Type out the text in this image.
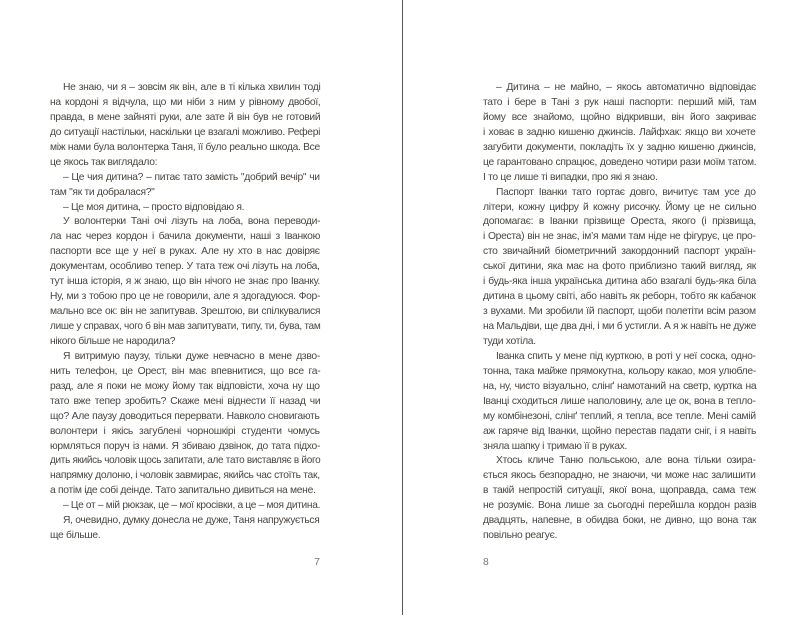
Не знаю, чи я – зовсім як він, але в ті кілька хвилин тоді
на кордоні я відчула, що ми ніби з ним у рівному двобої,
правда, в мене зайняті руки, але зате й він був не готовий
до ситуації настільки, наскільки це взагалі можливо. Рефері
між нами була волонтерка Таня, її було реально шкода. Все
це якось так виглядало:
– Це чия дитина? – питає тато замість "добрий вечір" чи
там "як ти добралася?"
– Це моя дитина, – просто відповідаю я.
У волонтерки Тані очі лізуть на лоба, вона переводи-
ла нас через кордон і бачила документи, наші з Іванкою
паспорти все ще у неї в руках. Але ну хто в нас довіряє
документам, особливо тепер. У тата теж очі лізуть на лоба,
тут інша історія, я ж знаю, що він нічого не знає про Іванку.
Ну, ми з тобою про це не говорили, але я здогадуюся. Фор-
мально все ок: він не запитував. Зрештою, ви спілкувалися
лише у справах, чого б він мав запитувати, типу, ти, бува, там
нікого більше не народила?
Я витримую паузу, тільки дуже невчасно в мене дзво-
нить телефон, це Орест, він має впевнитися, що все га-
разд, але я поки не можу йому так відповісти, хоча ну що
тато вже тепер зробить? Скаже мені віднести її назад чи
що? Але паузу доводиться перервати. Навколо сновигають
волонтери і якісь загублені чорношкірі студенти чомусь
юрмляться поруч із нами. Я збиваю дзвінок, до тата підхо-
дить якийсь чоловік щось запитати, але тато виставляє в його
напрямку долоню, і чоловік завмирає, якийсь час стоїть так,
а потім іде собі деінде. Тато запитально дивиться на мене.
– Це от – мій рюкзак, це – мої кросівки, а це – моя дитина.
Я, очевидно, думку донесла не дуже, Таня напружується
ще більше.
– Дитина – не майно, – якось автоматично відповідає
тато і бере в Тані з рук наші паспорти: перший мій, там
йому все знайомо, щойно відкривши, він його закриває
і ховає в задню кишеню джинсів. Лайфхак: якщо ви хочете
загубити документи, покладіть їх у задню кишеню джинсів,
це гарантовано спрацює, доведено чотири рази моїм татом.
І то це лише ті випадки, про які я знаю.
Паспорт Іванки тато гортає довго, вичитує там усе до
літери, кожну цифру й кожну рисочку. Йому це не сильно
допомагає: в Іванки прізвище Ореста, якого (і прізвища,
і Ореста) він не знає, ім’я мами там ніде не фігурує, це про-
сто звичайний біометричний закордонний паспорт україн-
ської дитини, яка має на фото приблизно такий вигляд, як
і будь-яка інша українська дитина або взагалі будь-яка біла
дитина в цьому світі, або навіть як реборн, тобто як кабачок
з вухами. Ми зробили їй паспорт, щоби полетіти всім разом
на Мальдіви, ще два дні, і ми б устигли. А я ж навіть не дуже
туди хотіла.
Іванка спить у мене під курткою, в роті у неї соска, одно-
тонна, така майже прямокутна, кольору какао, моя улюбле-
на, ну, чисто візуально, слінґ намотаний на светр, куртка на
Іванці сходиться лише наполовину, але це ок, вона в тепло-
му комбінезоні, слінґ теплий, я тепла, все тепле. Мені самій
аж гаряче від Іванки, щойно перестав падати сніг, і я навіть
зняла шапку і тримаю її в руках.
Хтось кличе Таню польською, але вона тільки озира-
ється якось безпорадно, не знаючи, чи може нас залишити
в такій непростій ситуації, якої вона, щоправда, сама теж
не розуміє. Вона лише за сьогодні перейшла кордон разів
двадцять, напевне, в обидва боки, не дивно, що вона так
повільно реагує.
7	8
